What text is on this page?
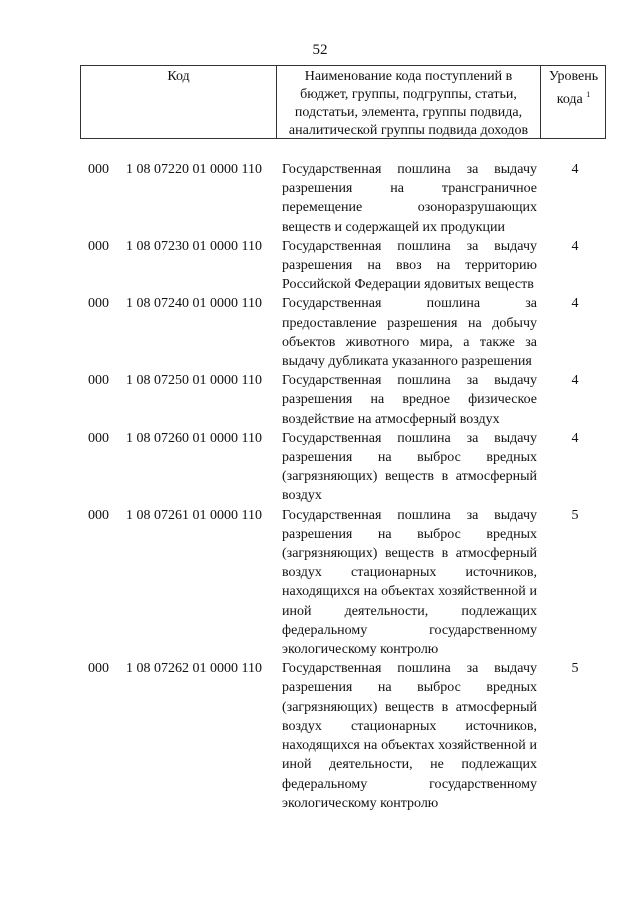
52
Код	Наименование кода поступлений в бюджет, группы, подгруппы, статьи, подстатьи, элемента, группы подвида, аналитической группы подвида доходов
Уровень кода $^1$
000 1 08 07220 01 0000 110 Государственная пошлина за выдачу разрешения на трансграничное перемещение озоноразрушающих веществ и содержащей их продукции
4
000 1 08 07230 01 0000 110 Государственная пошлина за выдачу разрешения на ввоз на территорию Российской Федерации ядовитых веществ
4
000 1 08 07240 01 0000 110 Государственная пошлина за предоставление разрешения на добычу объектов животного мира, а также за выдачу дубликата указанного разрешения
4
000 1 08 07250 01 0000 110 Государственная пошлина за выдачу разрешения на вредное физическое воздействие на атмосферный воздух
4
000 1 08 07260 01 0000 110 Государственная пошлина за выдачу разрешения на выброс вредных (загрязняющих) веществ в атмосферный воздух
4
000 1 08 07261 01 0000 110 Государственная пошлина за выдачу разрешения на выброс вредных (загрязняющих) веществ в атмосферный воздух стационарных источников, находящихся на объектах хозяйственной и иной деятельности, подлежащих федеральному государственному экологическому контролю
5
000 1 08 07262 01 0000 110 Государственная пошлина за выдачу разрешения на выброс вредных (загрязняющих) веществ в атмосферный воздух стационарных источников, находящихся на объектах хозяйственной и иной деятельности, не подлежащих федеральному государственному экологическому контролю
5
